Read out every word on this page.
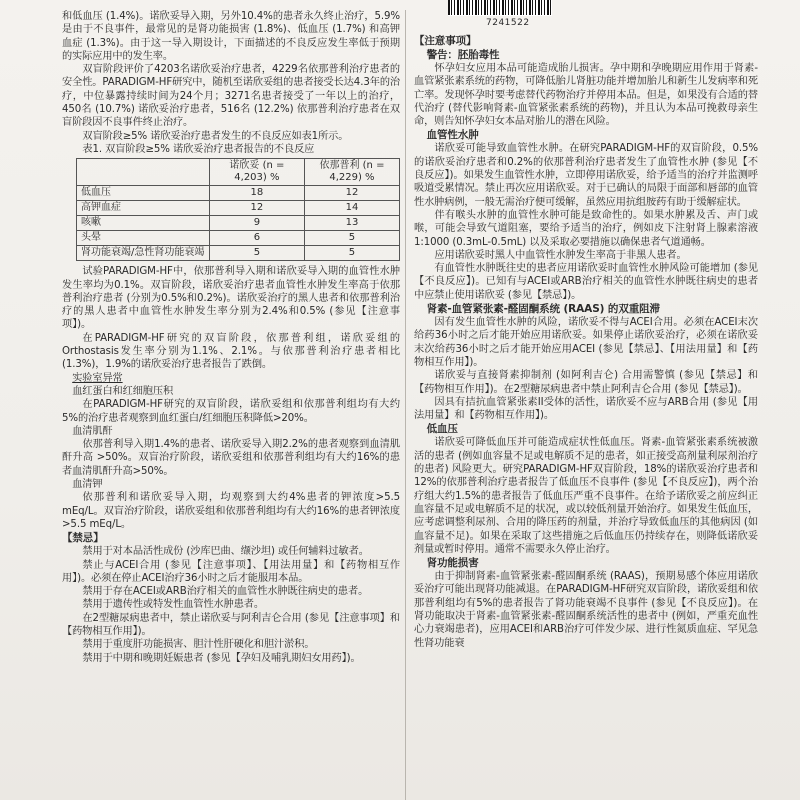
7241522

和低血压 (1.4%)。诺欣妥导入期，另外10.4%的患者永久终止治疗，5.9%是由于不良事件，最常见的是肾功能损害 (1.8%)、低血压 (1.7%) 和高钾血症 (1.3%)。由于这一导入期设计，下面描述的不良反应发生率低于预期的实际应用中的发生率。

双盲阶段评价了4203名诺欣妥治疗患者，4229名依那普利治疗患者的安全性。PARADIGM-HF研究中，随机至诺欣妥组的患者接受长达4.3年的治疗，中位暴露持续时间为24个月；3271名患者接受了一年以上的治疗，450名 (10.7%) 诺欣妥治疗患者，516名 (12.2%) 依那普利治疗患者在双盲阶段因不良事件终止治疗。

双盲阶段≥5% 诺欣妥治疗患者发生的不良反应如表1所示。

表1. 双盲阶段≥5% 诺欣妥治疗患者报告的不良反应

	诺欣妥 (n = 4,203) %	依那普利 (n = 4,229) %
低血压	18	12
高钾血症	12	14
咳嗽	9	13
头晕	6	5
肾功能衰竭/急性肾功能衰竭	5	5

试验PARADIGM-HF中，依那普利导入期和诺欣妥导入期的血管性水肿发生率均为0.1%。双盲阶段，诺欣妥治疗患者血管性水肿发生率高于依那普利治疗患者 (分别为0.5%和0.2%)。诺欣妥治疗的黑人患者和依那普利治疗的黑人患者中血管性水肿发生率分别为2.4%和0.5% (参见【注意事项】)。

在PARADIGM-HF研究的双盲阶段，依那普利组，诺欣妥组的Orthostasis发生率分别为1.1%、2.1%。与依那普利治疗患者相比 (1.3%)，1.9%的诺欣妥治疗患者报告了跌倒。

实验室异常

血红蛋白和红细胞压积

在PARADIGM-HF研究的双盲阶段，诺欣妥组和依那普利组均有大约5%的治疗患者观察到血红蛋白/红细胞压积降低>20%。

血清肌酐

依那普利导入期1.4%的患者、诺欣妥导入期2.2%的患者观察到血清肌酐升高 >50%。双盲治疗阶段，诺欣妥组和依那普利组均有大约16%的患者血清肌酐升高>50%。

血清钾

依那普利和诺欣妥导入期，均观察到大约4%患者的钾浓度>5.5 mEq/L。双盲治疗阶段，诺欣妥组和依那普利组均有大约16%的患者钾浓度>5.5 mEq/L。

【禁忌】

禁用于对本品活性成份 (沙库巴曲、缬沙坦) 或任何辅料过敏者。

禁止与ACEI合用 (参见【注意事项】、【用法用量】和【药物相互作用】)。必须在停止ACEI治疗36小时之后才能服用本品。

禁用于存在ACEI或ARB治疗相关的血管性水肿既往病史的患者。

禁用于遗传性或特发性血管性水肿患者。

在2型糖尿病患者中，禁止诺欣妥与阿利吉仑合用 (参见【注意事项】和【药物相互作用】)。

禁用于重度肝功能损害、胆汁性肝硬化和胆汁淤积。

禁用于中期和晚期妊娠患者 (参见【孕妇及哺乳期妇女用药】)。

【注意事项】

警告：胚胎毒性

怀孕妇女应用本品可能造成胎儿损害。孕中期和孕晚期应用作用于肾素-血管紧张素系统的药物，可降低胎儿肾脏功能并增加胎儿和新生儿发病率和死亡率。发现怀孕时要考虑替代药物治疗并停用本品。但是，如果没有合适的替代治疗 (替代影响肾素-血管紧张素系统的药物)，并且认为本品可挽救母亲生命，则告知怀孕妇女本品对胎儿的潜在风险。

血管性水肿

诺欣妥可能导致血管性水肿。在研究PARADIGM-HF的双盲阶段，0.5%的诺欣妥治疗患者和0.2%的依那普利治疗患者发生了血管性水肿 (参见【不良反应】)。如果发生血管性水肿，立即停用诺欣妥，给予适当的治疗并监测呼吸道受累情况。禁止再次应用诺欣妥。对于已确认的局限于面部和唇部的血管性水肿病例，一般无需治疗便可缓解，虽然应用抗组胺药有助于缓解症状。

伴有喉头水肿的血管性水肿可能是致命性的。如果水肿累及舌、声门或喉，可能会导致气道阻塞，要给予适当的治疗，例如皮下注射肾上腺素溶液1:1000 (0.3mL-0.5mL) 以及采取必要措施以确保患者气道通畅。

应用诺欣妥时黑人中血管性水肿发生率高于非黑人患者。

有血管性水肿既往史的患者应用诺欣妥时血管性水肿风险可能增加 (参见【不良反应】)。已知有与ACEI或ARB治疗相关的血管性水肿既往病史的患者中应禁止使用诺欣妥 (参见【禁忌】)。

肾素-血管紧张素-醛固酮系统 (RAAS) 的双重阻滞

因有发生血管性水肿的风险，诺欣妥不得与ACEI合用。必须在ACEI末次给药36小时之后才能开始应用诺欣妥。如果停止诺欣妥治疗，必须在诺欣妥末次给药36小时之后才能开始应用ACEI (参见【禁忌】、【用法用量】和【药物相互作用】)。

诺欣妥与直接肾素抑制剂 (如阿利吉仑) 合用需警慎 (参见【禁忌】和【药物相互作用】)。在2型糖尿病患者中禁止阿利吉仑合用 (参见【禁忌】)。

因具有拮抗血管紧张素II受体的活性，诺欣妥不应与ARB合用 (参见【用法用量】和【药物相互作用】)。

低血压

诺欣妥可降低血压并可能造成症状性低血压。肾素-血管紧张素系统被激活的患者 (例如血容量不足或电解质不足的患者，如正接受高剂量利尿剂治疗的患者) 风险更大。研究PARADIGM-HF双盲阶段，18%的诺欣妥治疗患者和12%的依那普利治疗患者报告了低血压不良事件 (参见【不良反应】)，两个治疗组大约1.5%的患者报告了低血压严重不良事件。在给予诺欣妥之前应纠正血容量不足或电解质不足的状况，或以较低剂量开始治疗。如果发生低血压，应考虑调整利尿剂、合用的降压药的剂量，并治疗导致低血压的其他病因 (如血容量不足)。如果在采取了这些措施之后低血压仍持续存在，则降低诺欣妥剂量或暂时停用。通常不需要永久停止治疗。

肾功能损害

由于抑制肾素-血管紧张素-醛固酮系统 (RAAS)，预期易感个体应用诺欣妥治疗可能出现肾功能减退。在PARADIGM-HF研究双盲阶段，诺欣妥组和依那普利组均有5%的患者报告了肾功能衰竭不良事件 (参见【不良反应】)。在肾功能取决于肾素-血管紧张素-醛固酮系统活性的患者中 (例如，严重充血性心力衰竭患者)，应用ACEI和ARB治疗可伴发少尿、进行性氮质血症、罕见急性肾功能衰
